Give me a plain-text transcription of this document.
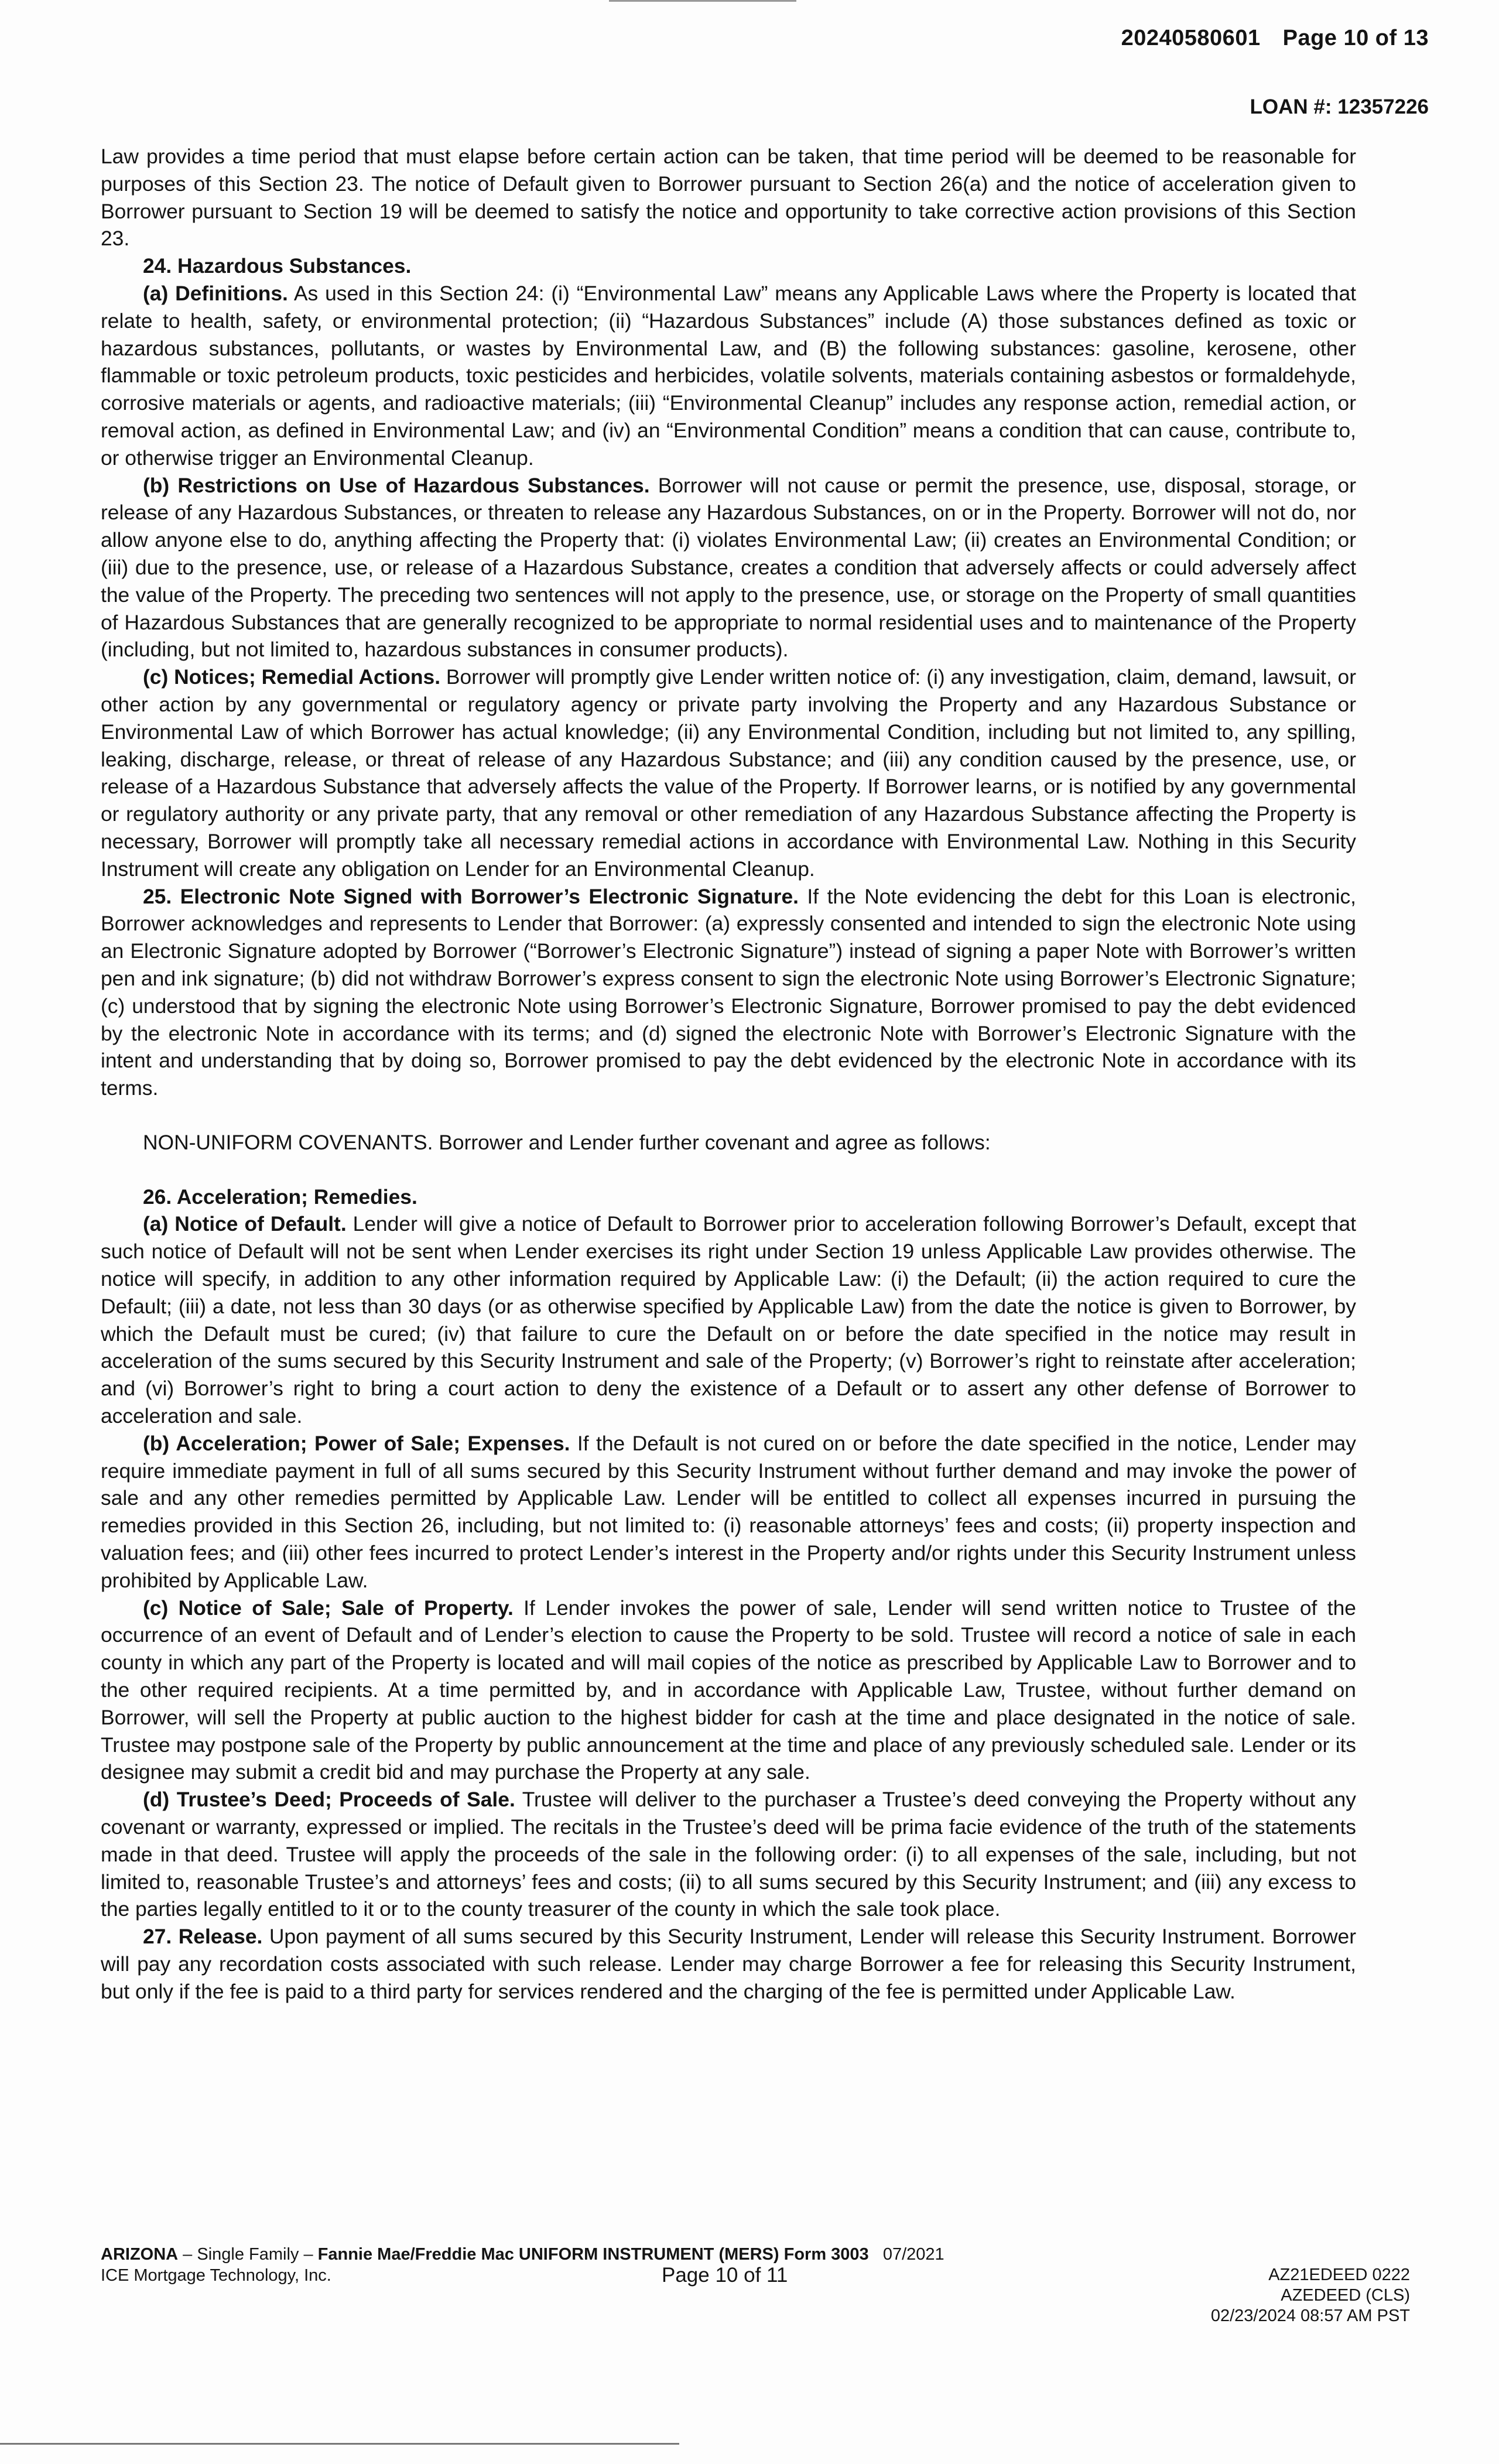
20240580601 Page 10 of 13
LOAN #: 12357226

Law provides a time period that must elapse before certain action can be taken, that time period will be deemed to be reasonable for purposes of this Section 23. The notice of Default given to Borrower pursuant to Section 26(a) and the notice of acceleration given to Borrower pursuant to Section 19 will be deemed to satisfy the notice and opportunity to take corrective action provisions of this Section 23.

24. Hazardous Substances.

(a) Definitions. As used in this Section 24: (i) “Environmental Law” means any Applicable Laws where the Property is located that relate to health, safety, or environmental protection; (ii) “Hazardous Substances” include (A) those substances defined as toxic or hazardous substances, pollutants, or wastes by Environmental Law, and (B) the following substances: gasoline, kerosene, other flammable or toxic petroleum products, toxic pesticides and herbicides, volatile solvents, materials containing asbestos or formaldehyde, corrosive materials or agents, and radioactive materials; (iii) “Environmental Cleanup” includes any response action, remedial action, or removal action, as defined in Environmental Law; and (iv) an “Environmental Condition” means a condition that can cause, contribute to, or otherwise trigger an Environmental Cleanup.

(b) Restrictions on Use of Hazardous Substances. Borrower will not cause or permit the presence, use, disposal, storage, or release of any Hazardous Substances, or threaten to release any Hazardous Substances, on or in the Property. Borrower will not do, nor allow anyone else to do, anything affecting the Property that: (i) violates Environmental Law; (ii) creates an Environmental Condition; or (iii) due to the presence, use, or release of a Hazardous Substance, creates a condition that adversely affects or could adversely affect the value of the Property. The preceding two sentences will not apply to the presence, use, or storage on the Property of small quantities of Hazardous Substances that are generally recognized to be appropriate to normal residential uses and to maintenance of the Property (including, but not limited to, hazardous substances in consumer products).

(c) Notices; Remedial Actions. Borrower will promptly give Lender written notice of: (i) any investigation, claim, demand, lawsuit, or other action by any governmental or regulatory agency or private party involving the Property and any Hazardous Substance or Environmental Law of which Borrower has actual knowledge; (ii) any Environmental Condition, including but not limited to, any spilling, leaking, discharge, release, or threat of release of any Hazardous Substance; and (iii) any condition caused by the presence, use, or release of a Hazardous Substance that adversely affects the value of the Property. If Borrower learns, or is notified by any governmental or regulatory authority or any private party, that any removal or other remediation of any Hazardous Substance affecting the Property is necessary, Borrower will promptly take all necessary remedial actions in accordance with Environmental Law. Nothing in this Security Instrument will create any obligation on Lender for an Environmental Cleanup.

25. Electronic Note Signed with Borrower’s Electronic Signature. If the Note evidencing the debt for this Loan is electronic, Borrower acknowledges and represents to Lender that Borrower: (a) expressly consented and intended to sign the electronic Note using an Electronic Signature adopted by Borrower (“Borrower’s Electronic Signature”) instead of signing a paper Note with Borrower’s written pen and ink signature; (b) did not withdraw Borrower’s express consent to sign the electronic Note using Borrower’s Electronic Signature; (c) understood that by signing the electronic Note using Borrower’s Electronic Signature, Borrower promised to pay the debt evidenced by the electronic Note in accordance with its terms; and (d) signed the electronic Note with Borrower’s Electronic Signature with the intent and understanding that by doing so, Borrower promised to pay the debt evidenced by the electronic Note in accordance with its terms.

NON-UNIFORM COVENANTS. Borrower and Lender further covenant and agree as follows:

26. Acceleration; Remedies.

(a) Notice of Default. Lender will give a notice of Default to Borrower prior to acceleration following Borrower’s Default, except that such notice of Default will not be sent when Lender exercises its right under Section 19 unless Applicable Law provides otherwise. The notice will specify, in addition to any other information required by Applicable Law: (i) the Default; (ii) the action required to cure the Default; (iii) a date, not less than 30 days (or as otherwise specified by Applicable Law) from the date the notice is given to Borrower, by which the Default must be cured; (iv) that failure to cure the Default on or before the date specified in the notice may result in acceleration of the sums secured by this Security Instrument and sale of the Property; (v) Borrower’s right to reinstate after acceleration; and (vi) Borrower’s right to bring a court action to deny the existence of a Default or to assert any other defense of Borrower to acceleration and sale.

(b) Acceleration; Power of Sale; Expenses. If the Default is not cured on or before the date specified in the notice, Lender may require immediate payment in full of all sums secured by this Security Instrument without further demand and may invoke the power of sale and any other remedies permitted by Applicable Law. Lender will be entitled to collect all expenses incurred in pursuing the remedies provided in this Section 26, including, but not limited to: (i) reasonable attorneys’ fees and costs; (ii) property inspection and valuation fees; and (iii) other fees incurred to protect Lender’s interest in the Property and/or rights under this Security Instrument unless prohibited by Applicable Law.

(c) Notice of Sale; Sale of Property. If Lender invokes the power of sale, Lender will send written notice to Trustee of the occurrence of an event of Default and of Lender’s election to cause the Property to be sold. Trustee will record a notice of sale in each county in which any part of the Property is located and will mail copies of the notice as prescribed by Applicable Law to Borrower and to the other required recipients. At a time permitted by, and in accordance with Applicable Law, Trustee, without further demand on Borrower, will sell the Property at public auction to the highest bidder for cash at the time and place designated in the notice of sale. Trustee may postpone sale of the Property by public announcement at the time and place of any previously scheduled sale. Lender or its designee may submit a credit bid and may purchase the Property at any sale.

(d) Trustee’s Deed; Proceeds of Sale. Trustee will deliver to the purchaser a Trustee’s deed conveying the Property without any covenant or warranty, expressed or implied. The recitals in the Trustee’s deed will be prima facie evidence of the truth of the statements made in that deed. Trustee will apply the proceeds of the sale in the following order: (i) to all expenses of the sale, including, but not limited to, reasonable Trustee’s and attorneys’ fees and costs; (ii) to all sums secured by this Security Instrument; and (iii) any excess to the parties legally entitled to it or to the county treasurer of the county in which the sale took place.

27. Release. Upon payment of all sums secured by this Security Instrument, Lender will release this Security Instrument. Borrower will pay any recordation costs associated with such release. Lender may charge Borrower a fee for releasing this Security Instrument, but only if the fee is paid to a third party for services rendered and the charging of the fee is permitted under Applicable Law.

ARIZONA – Single Family – Fannie Mae/Freddie Mac UNIFORM INSTRUMENT (MERS) Form 3003 07/2021
ICE Mortgage Technology, Inc.	Page 10 of 11	AZ21EDEED 0222
AZEDEED (CLS)
02/23/2024 08:57 AM PST
